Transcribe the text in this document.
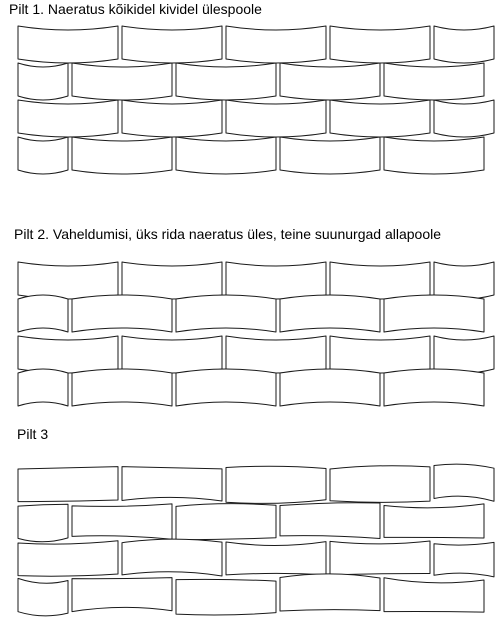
Pilt 1. Naeratus kõikidel kividel ülespoole

Pilt 2. Vaheldumisi, üks rida naeratus üles, teine suunurgad allapoole

Pilt 3
